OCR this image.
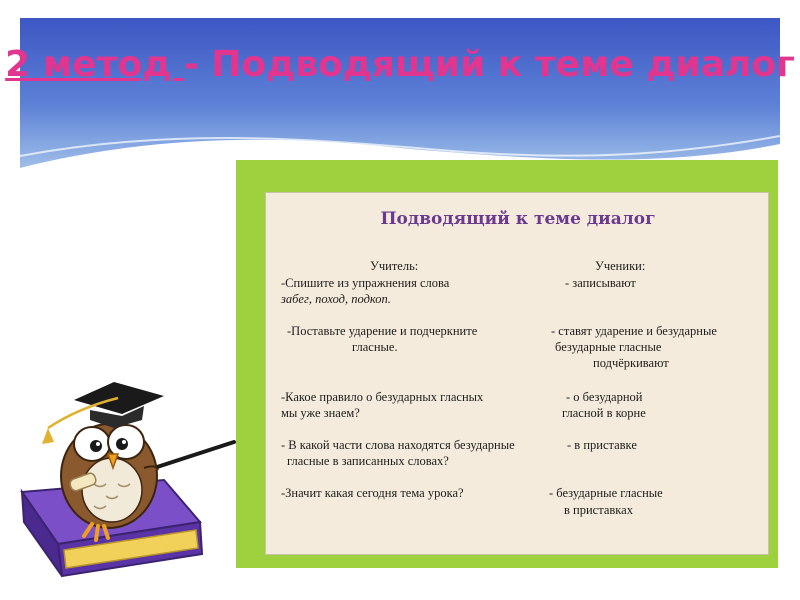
2 метод - Подводящий к теме диалог
Подводящий к теме диалог
Учитель:	Ученики:
-Спишите из упражнения слова
забег, поход, подкоп.
- записывают
-Поставьте ударение и подчеркните
гласные.
- ставят ударение и безударные
безударные гласные
подчёркивают
-Какое правило о безударных гласных
мы уже знаем?
- о безударной
гласной в корне
- В какой части слова находятся безударные
гласные в записанных словах?
- в приставке
-Значит какая сегодня тема урока?	- безударные гласные
в приставках
